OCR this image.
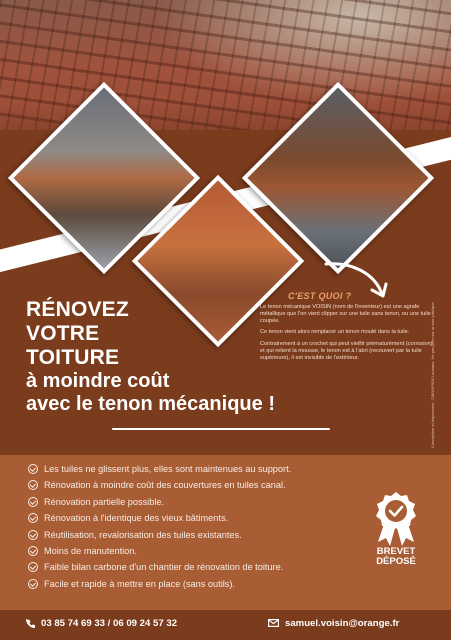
RÉNOVEZ
VOTRE
TOITURE
à moindre coût
avec le tenon mécanique !
C'EST QUOI ?

Le tenon mécanique VOISIN (nom de l'inventeur) est une agrafe métallique que l'on vient clipper sur une tuile sans tenon, ou une tuile coupée.

Ce tenon vient alors remplacer un tenon moulé dans la tuile.

Contrairement à un crochet qui peut vieillir prématurément (corrosion) et qui retient la mousse, le tenon est à l'abri (recouvert par la tuile supérieure), il est invisible de l'extérieur.	Conception et impression : OBRAPRIM Louhans. Ne pas jeter sur la voie publique
Les tuiles ne glissent plus, elles sont maintenues au support.
Rénovation à moindre coût des couvertures en tuiles canal.
Rénovation partielle possible.
Rénovation à l'identique des vieux bâtiments.
Réutilisation, revalorisation des tuiles existantes.
Moins de manutention.
Faible bilan carbone d'un chantier de rénovation de toiture.
Facile et rapide à mettre en place (sans outils).
BREVET
DÉPOSÉ
03 85 74 69 33 / 06 09 24 57 32	samuel.voisin@orange.fr
